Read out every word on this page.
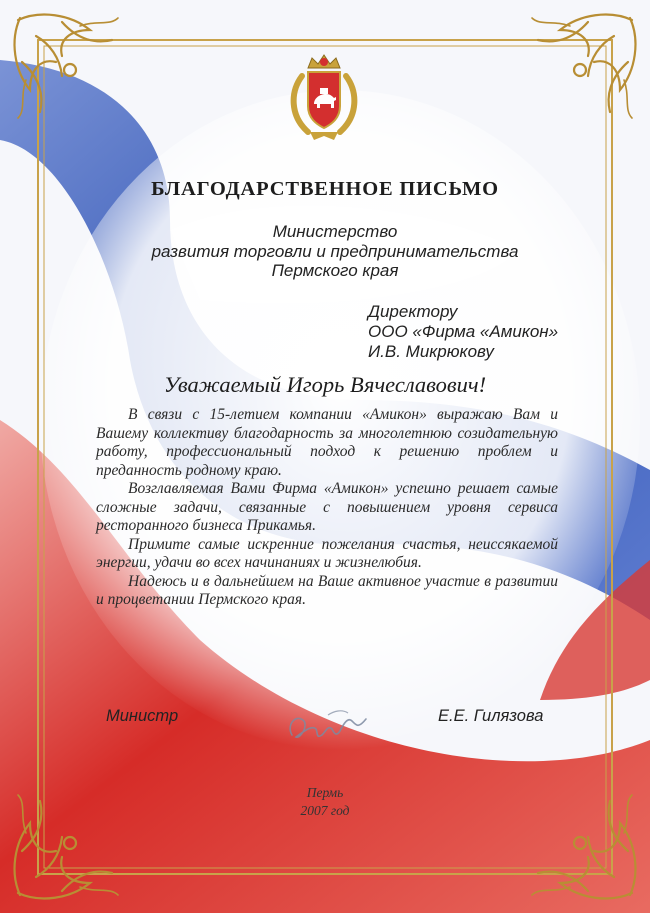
БЛАГОДАРСТВЕННОЕ ПИСЬМО
Министерство
развития торговли и предпринимательства
Пермского края
Директору
ООО «Фирма «Амикон»
И.В. Микрюкову
Уважаемый Игорь Вячеславович!

В связи с 15-летием компании «Амикон» выражаю Вам и Вашему коллективу благодарность за многолетнюю созидательную работу, профессиональный подход к решению проблем и преданность родному краю.

Возглавляемая Вами Фирма «Амикон» успешно решает самые сложные задачи, связанные с повышением уровня сервиса ресторанного бизнеса Прикамья.

Примите самые искренние пожелания счастья, неиссякаемой энергии, удачи во всех начинаниях и жизнелюбия.

Надеюсь и в дальнейшем на Ваше активное участие в развитии и процветании Пермского края.

Министр	Е.Е. Гилязова
Пермь
2007 год
